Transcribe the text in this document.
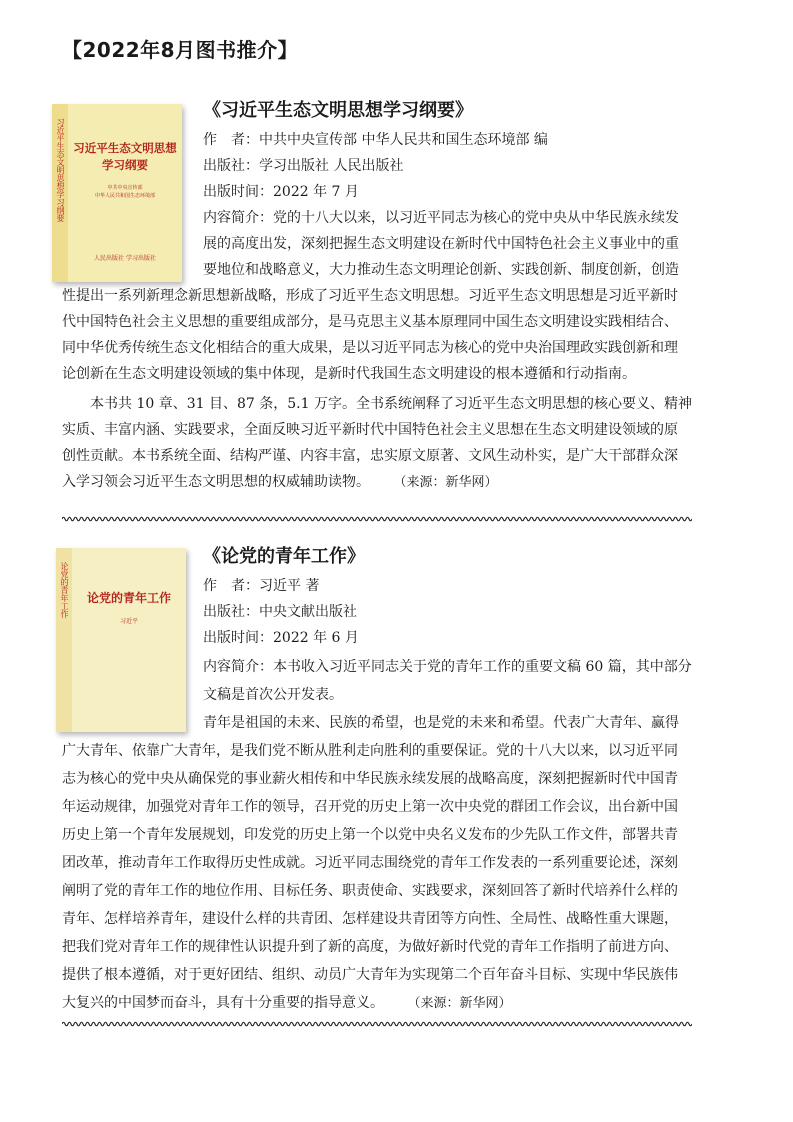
【2022年8月图书推介】
习近平生态文明思想学习纲要 习近平生态文明思想
学习纲要
中共中央宣传部
中华人民共和国生态环境部
人民出版社 学习出版社
《习近平生态文明思想学习纲要》
作　者：中共中央宣传部 中华人民共和国生态环境部 编
出版社：学习出版社 人民出版社
出版时间：2022 年 7 月
内容简介：党的十八大以来，以习近平同志为核心的党中央从中华民族永续发
展的高度出发，深刻把握生态文明建设在新时代中国特色社会主义事业中的重
要地位和战略意义，大力推动生态文明理论创新、实践创新、制度创新，创造
性提出一系列新理念新思想新战略，形成了习近平生态文明思想。习近平生态文明思想是习近平新时
代中国特色社会主义思想的重要组成部分，是马克思主义基本原理同中国生态文明建设实践相结合、
同中华优秀传统生态文化相结合的重大成果，是以习近平同志为核心的党中央治国理政实践创新和理
论创新在生态文明建设领域的集中体现，是新时代我国生态文明建设的根本遵循和行动指南。
本书共 10 章、31 目、87 条，5.1 万字。全书系统阐释了习近平生态文明思想的核心要义、精神
实质、丰富内涵、实践要求，全面反映习近平新时代中国特色社会主义思想在生态文明建设领域的原
创性贡献。本书系统全面、结构严谨、内容丰富，忠实原文原著、文风生动朴实，是广大干部群众深
入学习领会习近平生态文明思想的权威辅助读物。 （来源：新华网）
论党的青年工作	论党的青年工作
习近平
《论党的青年工作》
作　者：习近平 著
出版社：中央文献出版社
出版时间：2022 年 6 月
内容简介：本书收入习近平同志关于党的青年工作的重要文稿 60 篇，其中部分
文稿是首次公开发表。
青年是祖国的未来、民族的希望，也是党的未来和希望。代表广大青年、赢得
广大青年、依靠广大青年，是我们党不断从胜利走向胜利的重要保证。党的十八大以来，以习近平同
志为核心的党中央从确保党的事业薪火相传和中华民族永续发展的战略高度，深刻把握新时代中国青
年运动规律，加强党对青年工作的领导，召开党的历史上第一次中央党的群团工作会议，出台新中国
历史上第一个青年发展规划，印发党的历史上第一个以党中央名义发布的少先队工作文件，部署共青
团改革，推动青年工作取得历史性成就。习近平同志围绕党的青年工作发表的一系列重要论述，深刻
阐明了党的青年工作的地位作用、目标任务、职责使命、实践要求，深刻回答了新时代培养什么样的
青年、怎样培养青年，建设什么样的共青团、怎样建设共青团等方向性、全局性、战略性重大课题，
把我们党对青年工作的规律性认识提升到了新的高度，为做好新时代党的青年工作指明了前进方向、
提供了根本遵循，对于更好团结、组织、动员广大青年为实现第二个百年奋斗目标、实现中华民族伟
大复兴的中国梦而奋斗，具有十分重要的指导意义。 （来源：新华网）
